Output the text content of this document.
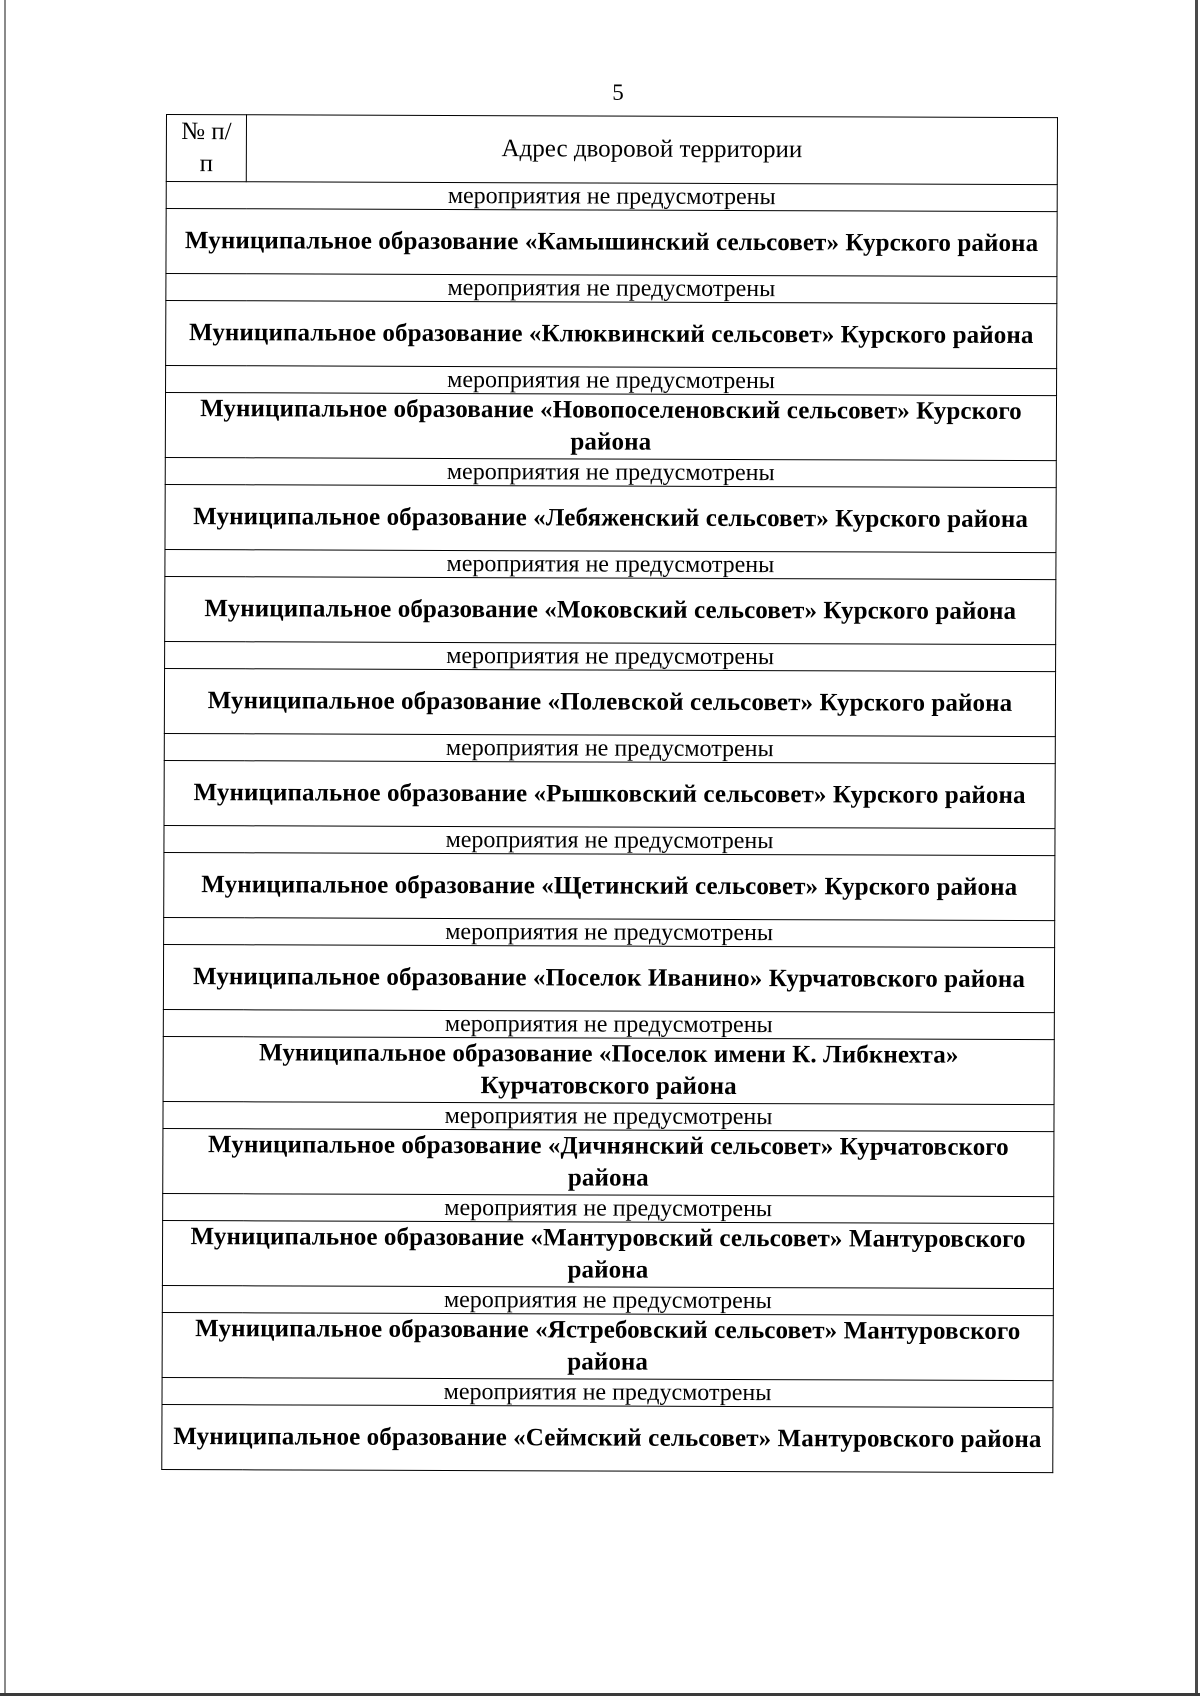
5
№ п/п	Адрес дворовой территории
мероприятия не предусмотрены
Муниципальное образование «Камышинский сельсовет» Курского района
мероприятия не предусмотрены
Муниципальное образование «Клюквинский сельсовет» Курского района
мероприятия не предусмотрены
Муниципальное образование «Новопоселеновский сельсовет» Курского района
мероприятия не предусмотрены
Муниципальное образование «Лебяженский сельсовет» Курского района
мероприятия не предусмотрены
Муниципальное образование «Моковский сельсовет» Курского района
мероприятия не предусмотрены
Муниципальное образование «Полевской сельсовет» Курского района
мероприятия не предусмотрены
Муниципальное образование «Рышковский сельсовет» Курского района
мероприятия не предусмотрены
Муниципальное образование «Щетинский сельсовет» Курского района
мероприятия не предусмотрены
Муниципальное образование «Поселок Иванино» Курчатовского района
мероприятия не предусмотрены
Муниципальное образование «Поселок имени К. Либкнехта» Курчатовского района
мероприятия не предусмотрены
Муниципальное образование «Дичнянский сельсовет» Курчатовского района
мероприятия не предусмотрены
Муниципальное образование «Мантуровский сельсовет» Мантуровского района
мероприятия не предусмотрены
Муниципальное образование «Ястребовский сельсовет» Мантуровского района
мероприятия не предусмотрены
Муниципальное образование «Сеймский сельсовет» Мантуровского района
